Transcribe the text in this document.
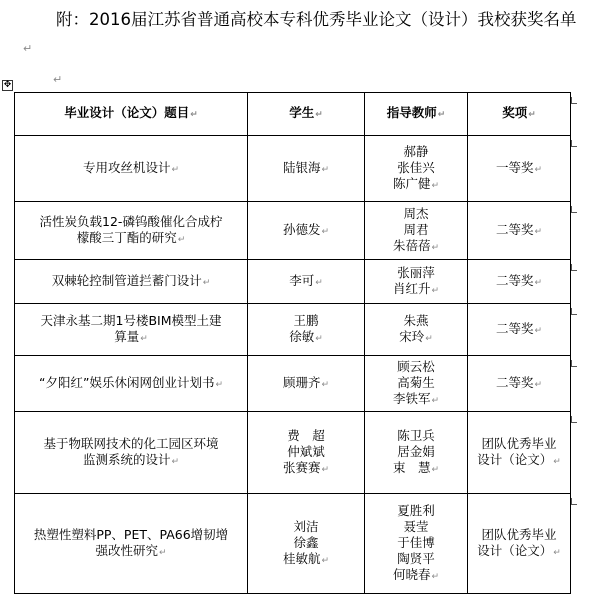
附：2016届江苏省普通高校本专科优秀毕业论文（设计）我校获奖名单↵
↵
✥
毕业设计（论文）题目↵	学生↵	指导教师↵	奖项↵

专用攻丝机设计↵	陆银海↵	郝静
张佳兴
陈广健↵	一等奖↵

活性炭负载12-磷钨酸催化合成柠
檬酸三丁酯的研究↵	孙德发↵	周杰
周君
朱蓓蓓↵	二等奖↵

双棘轮控制管道拦蓄门设计↵	李可↵	张丽萍
肖红升↵	二等奖↵

天津永基二期1号楼BIM模型土建
算量↵	王鹏
徐敏↵	朱燕
宋玲↵	二等奖↵

“夕阳红”娱乐休闲网创业计划书↵	顾珊齐↵	顾云松
高菊生
李铁军↵	二等奖↵

基于物联网技术的化工园区环境
监测系统的设计↵	费　超
仲斌斌
张赛赛↵	陈卫兵
居金娟
束　慧↵	团队优秀毕业
设计（论文）↵

热塑性塑料PP、PET、PA66增韧增
强改性研究↵	刘洁
徐鑫
桂敏航↵	夏胜利
聂莹
于佳博
陶贤平
何晓春↵	团队优秀毕业
设计（论文）↵
